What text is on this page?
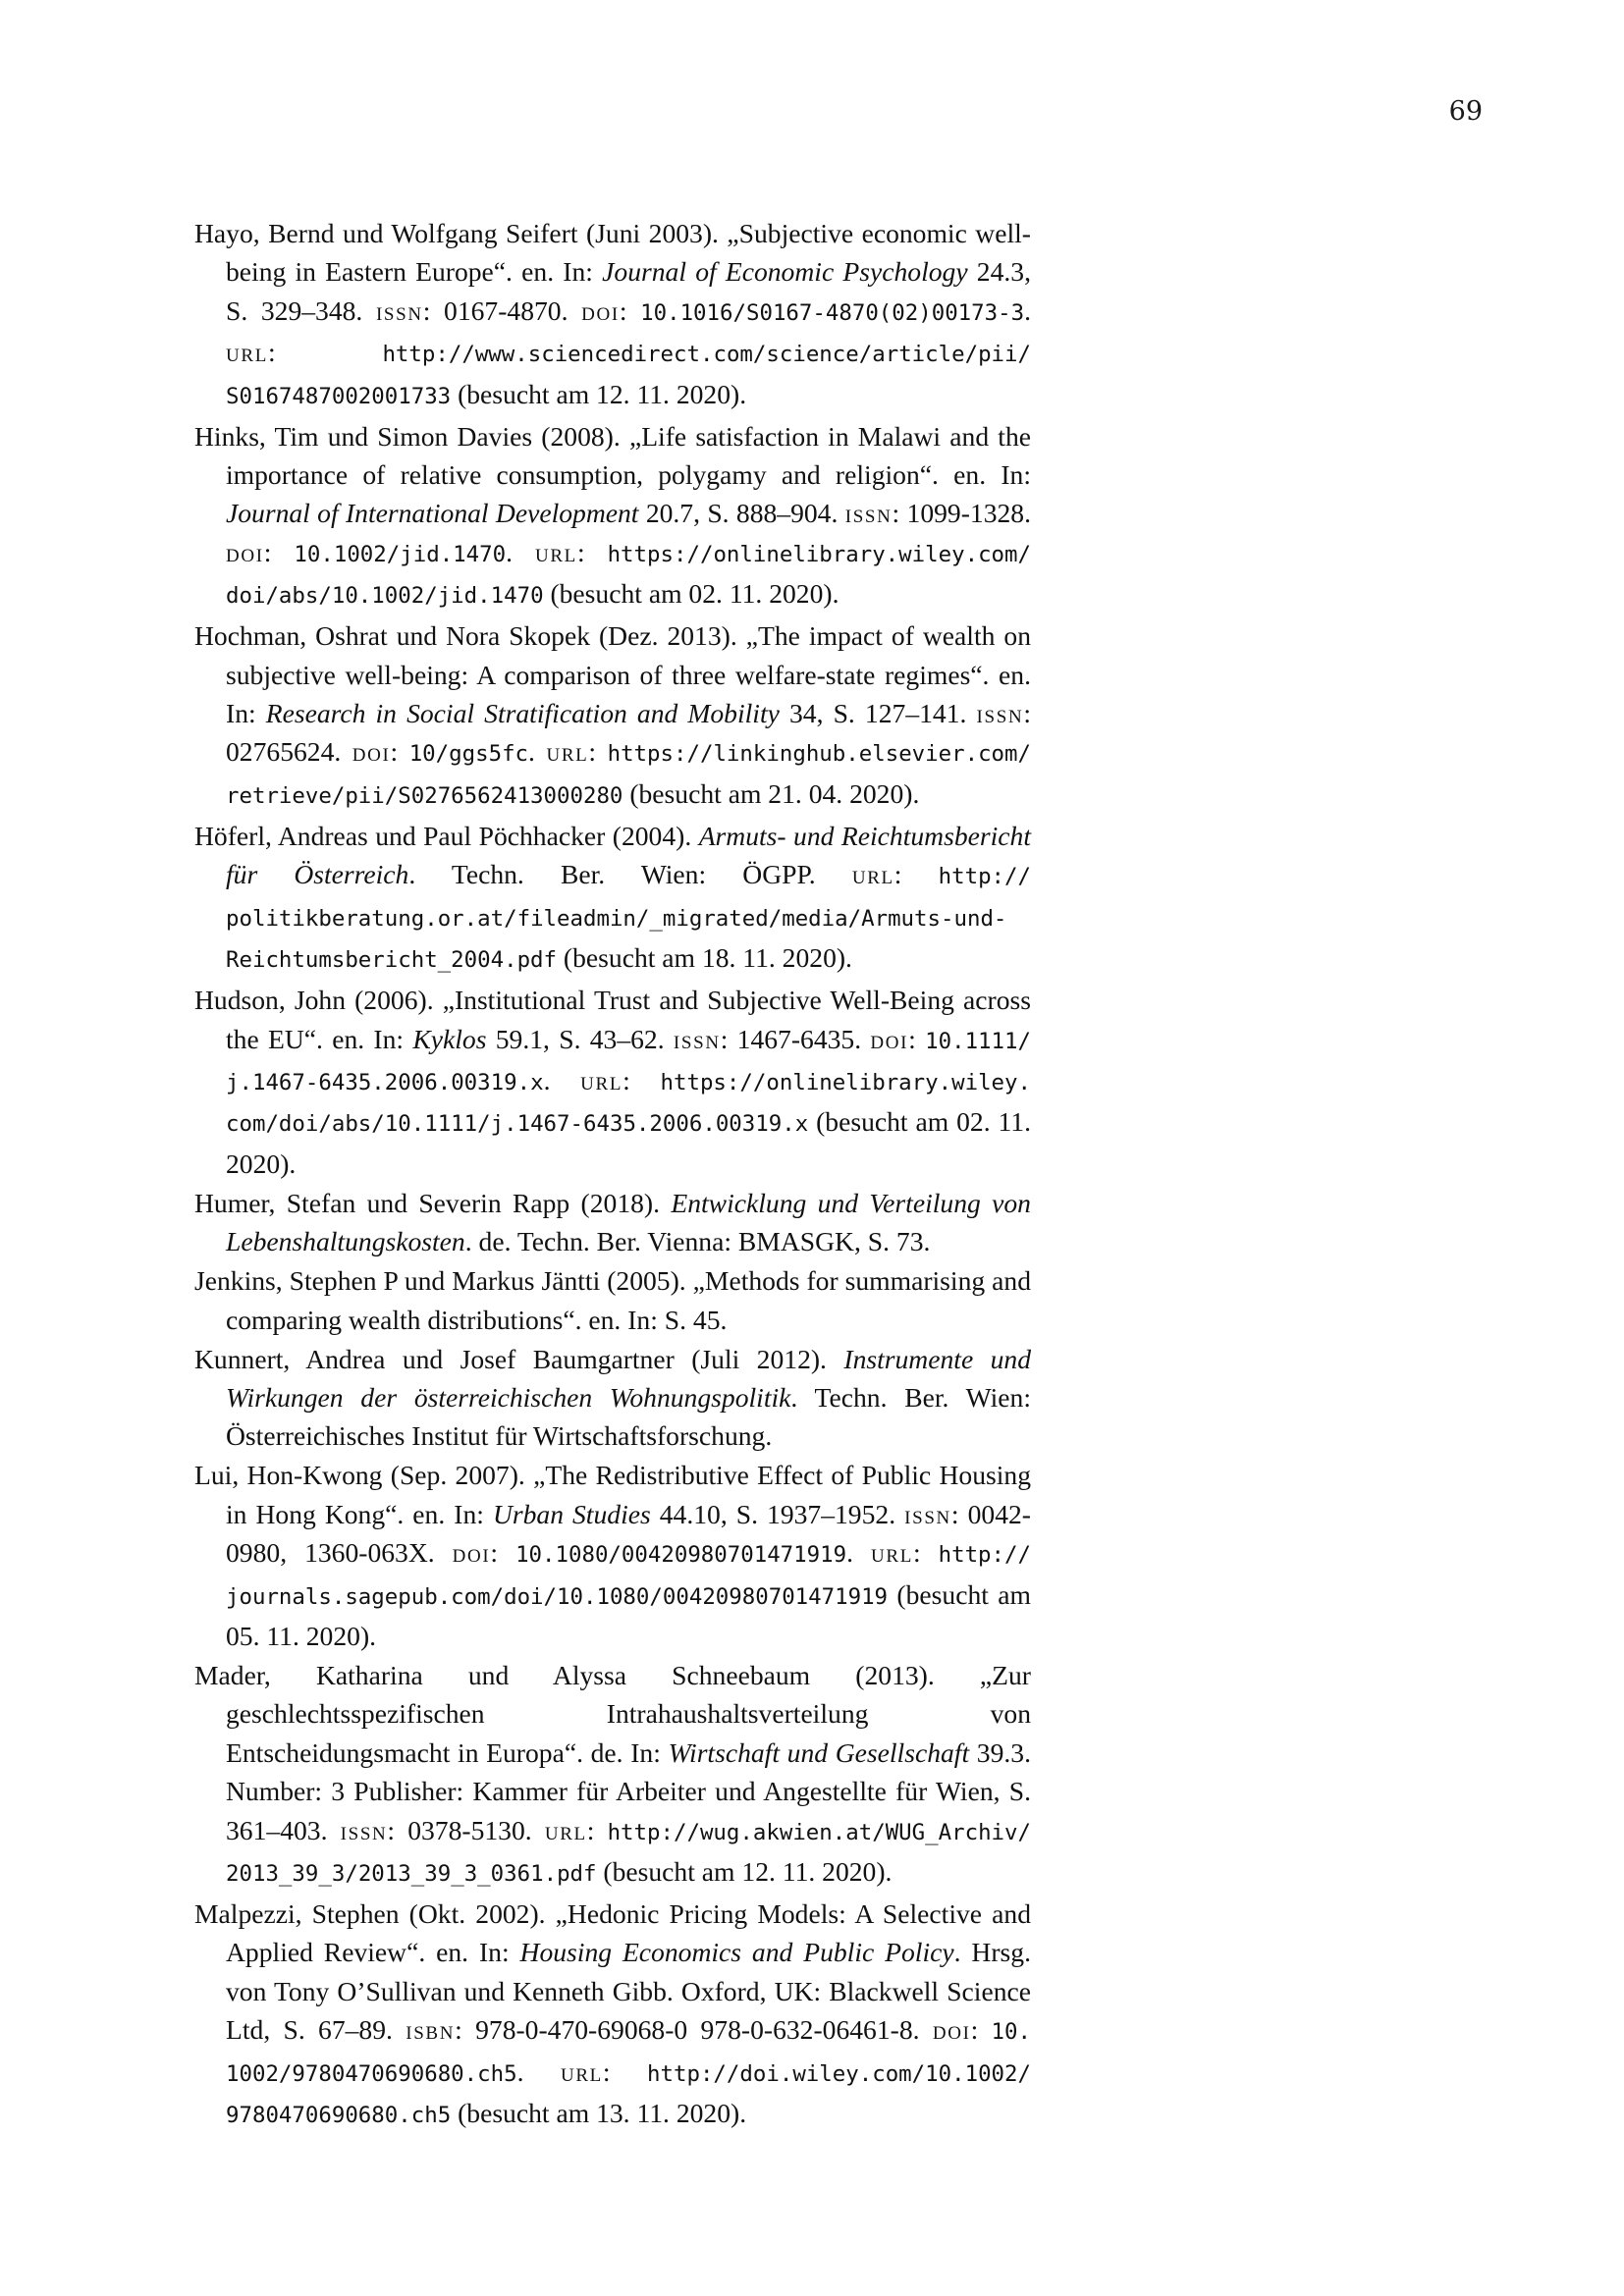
69

Hayo, Bernd und Wolfgang Seifert (Juni 2003). „Subjective economic well-being in Eastern Europe“. en. In: Journal of Economic Psychology 24.3, S. 329–348. issn: 0167-4870. doi: 10.1016/S0167-4870(02)00173-3. url: http://www.sciencedirect.com/science/article/pii/S0167487002001733 (besucht am 12. 11. 2020).

Hinks, Tim und Simon Davies (2008). „Life satisfaction in Malawi and the importance of relative consumption, polygamy and religion“. en. In: Journal of International Development 20.7, S. 888–904. issn: 1099-1328. doi: 10.1002/jid.1470. url: https://onlinelibrary.wiley.com/doi/abs/10.1002/jid.1470 (besucht am 02. 11. 2020).

Hochman, Oshrat und Nora Skopek (Dez. 2013). „The impact of wealth on subjective well-being: A comparison of three welfare-state regimes“. en. In: Research in Social Stratification and Mobility 34, S. 127–141. issn: 02765624. doi: 10/ggs5fc. url: https://linkinghub.elsevier.com/retrieve/pii/S0276562413000280 (besucht am 21. 04. 2020).

Höferl, Andreas und Paul Pöchhacker (2004). Armuts- und Reichtumsbericht für Österreich. Techn. Ber. Wien: ÖGPP. url: http://politikberatung.or.at/fileadmin/_migrated/media/Armuts-und-Reichtumsbericht_2004.pdf (besucht am 18. 11. 2020).

Hudson, John (2006). „Institutional Trust and Subjective Well-Being across the EU“. en. In: Kyklos 59.1, S. 43–62. issn: 1467-6435. doi: 10.1111/j.1467-6435.2006.00319.x. url: https://onlinelibrary.wiley.com/doi/abs/10.1111/j.1467-6435.2006.00319.x (besucht am 02. 11. 2020).

Humer, Stefan und Severin Rapp (2018). Entwicklung und Verteilung von Lebenshaltungskosten. de. Techn. Ber. Vienna: BMASGK, S. 73.

Jenkins, Stephen P und Markus Jäntti (2005). „Methods for summarising and comparing wealth distributions“. en. In: S. 45.

Kunnert, Andrea und Josef Baumgartner (Juli 2012). Instrumente und Wirkungen der österreichischen Wohnungspolitik. Techn. Ber. Wien: Österreichisches Institut für Wirtschaftsforschung.

Lui, Hon-Kwong (Sep. 2007). „The Redistributive Effect of Public Housing in Hong Kong“. en. In: Urban Studies 44.10, S. 1937–1952. issn: 0042-0980, 1360-063X. doi: 10.1080/00420980701471919. url: http://journals.sagepub.com/doi/10.1080/00420980701471919 (besucht am 05. 11. 2020).

Mader, Katharina und Alyssa Schneebaum (2013). „Zur geschlechtsspezifischen Intrahaushaltsverteilung von Entscheidungsmacht in Europa“. de. In: Wirtschaft und Gesellschaft 39.3. Number: 3 Publisher: Kammer für Arbeiter und Angestellte für Wien, S. 361–403. issn: 0378-5130. url: http://wug.akwien.at/WUG_Archiv/2013_39_3/2013_39_3_0361.pdf (besucht am 12. 11. 2020).

Malpezzi, Stephen (Okt. 2002). „Hedonic Pricing Models: A Selective and Applied Review“. en. In: Housing Economics and Public Policy. Hrsg. von Tony O’Sullivan und Kenneth Gibb. Oxford, UK: Blackwell Science Ltd, S. 67–89. isbn: 978-0-470-69068-0 978-0-632-06461-8. doi: 10.1002/9780470690680.ch5. url: http://doi.wiley.com/10.1002/9780470690680.ch5 (besucht am 13. 11. 2020).
